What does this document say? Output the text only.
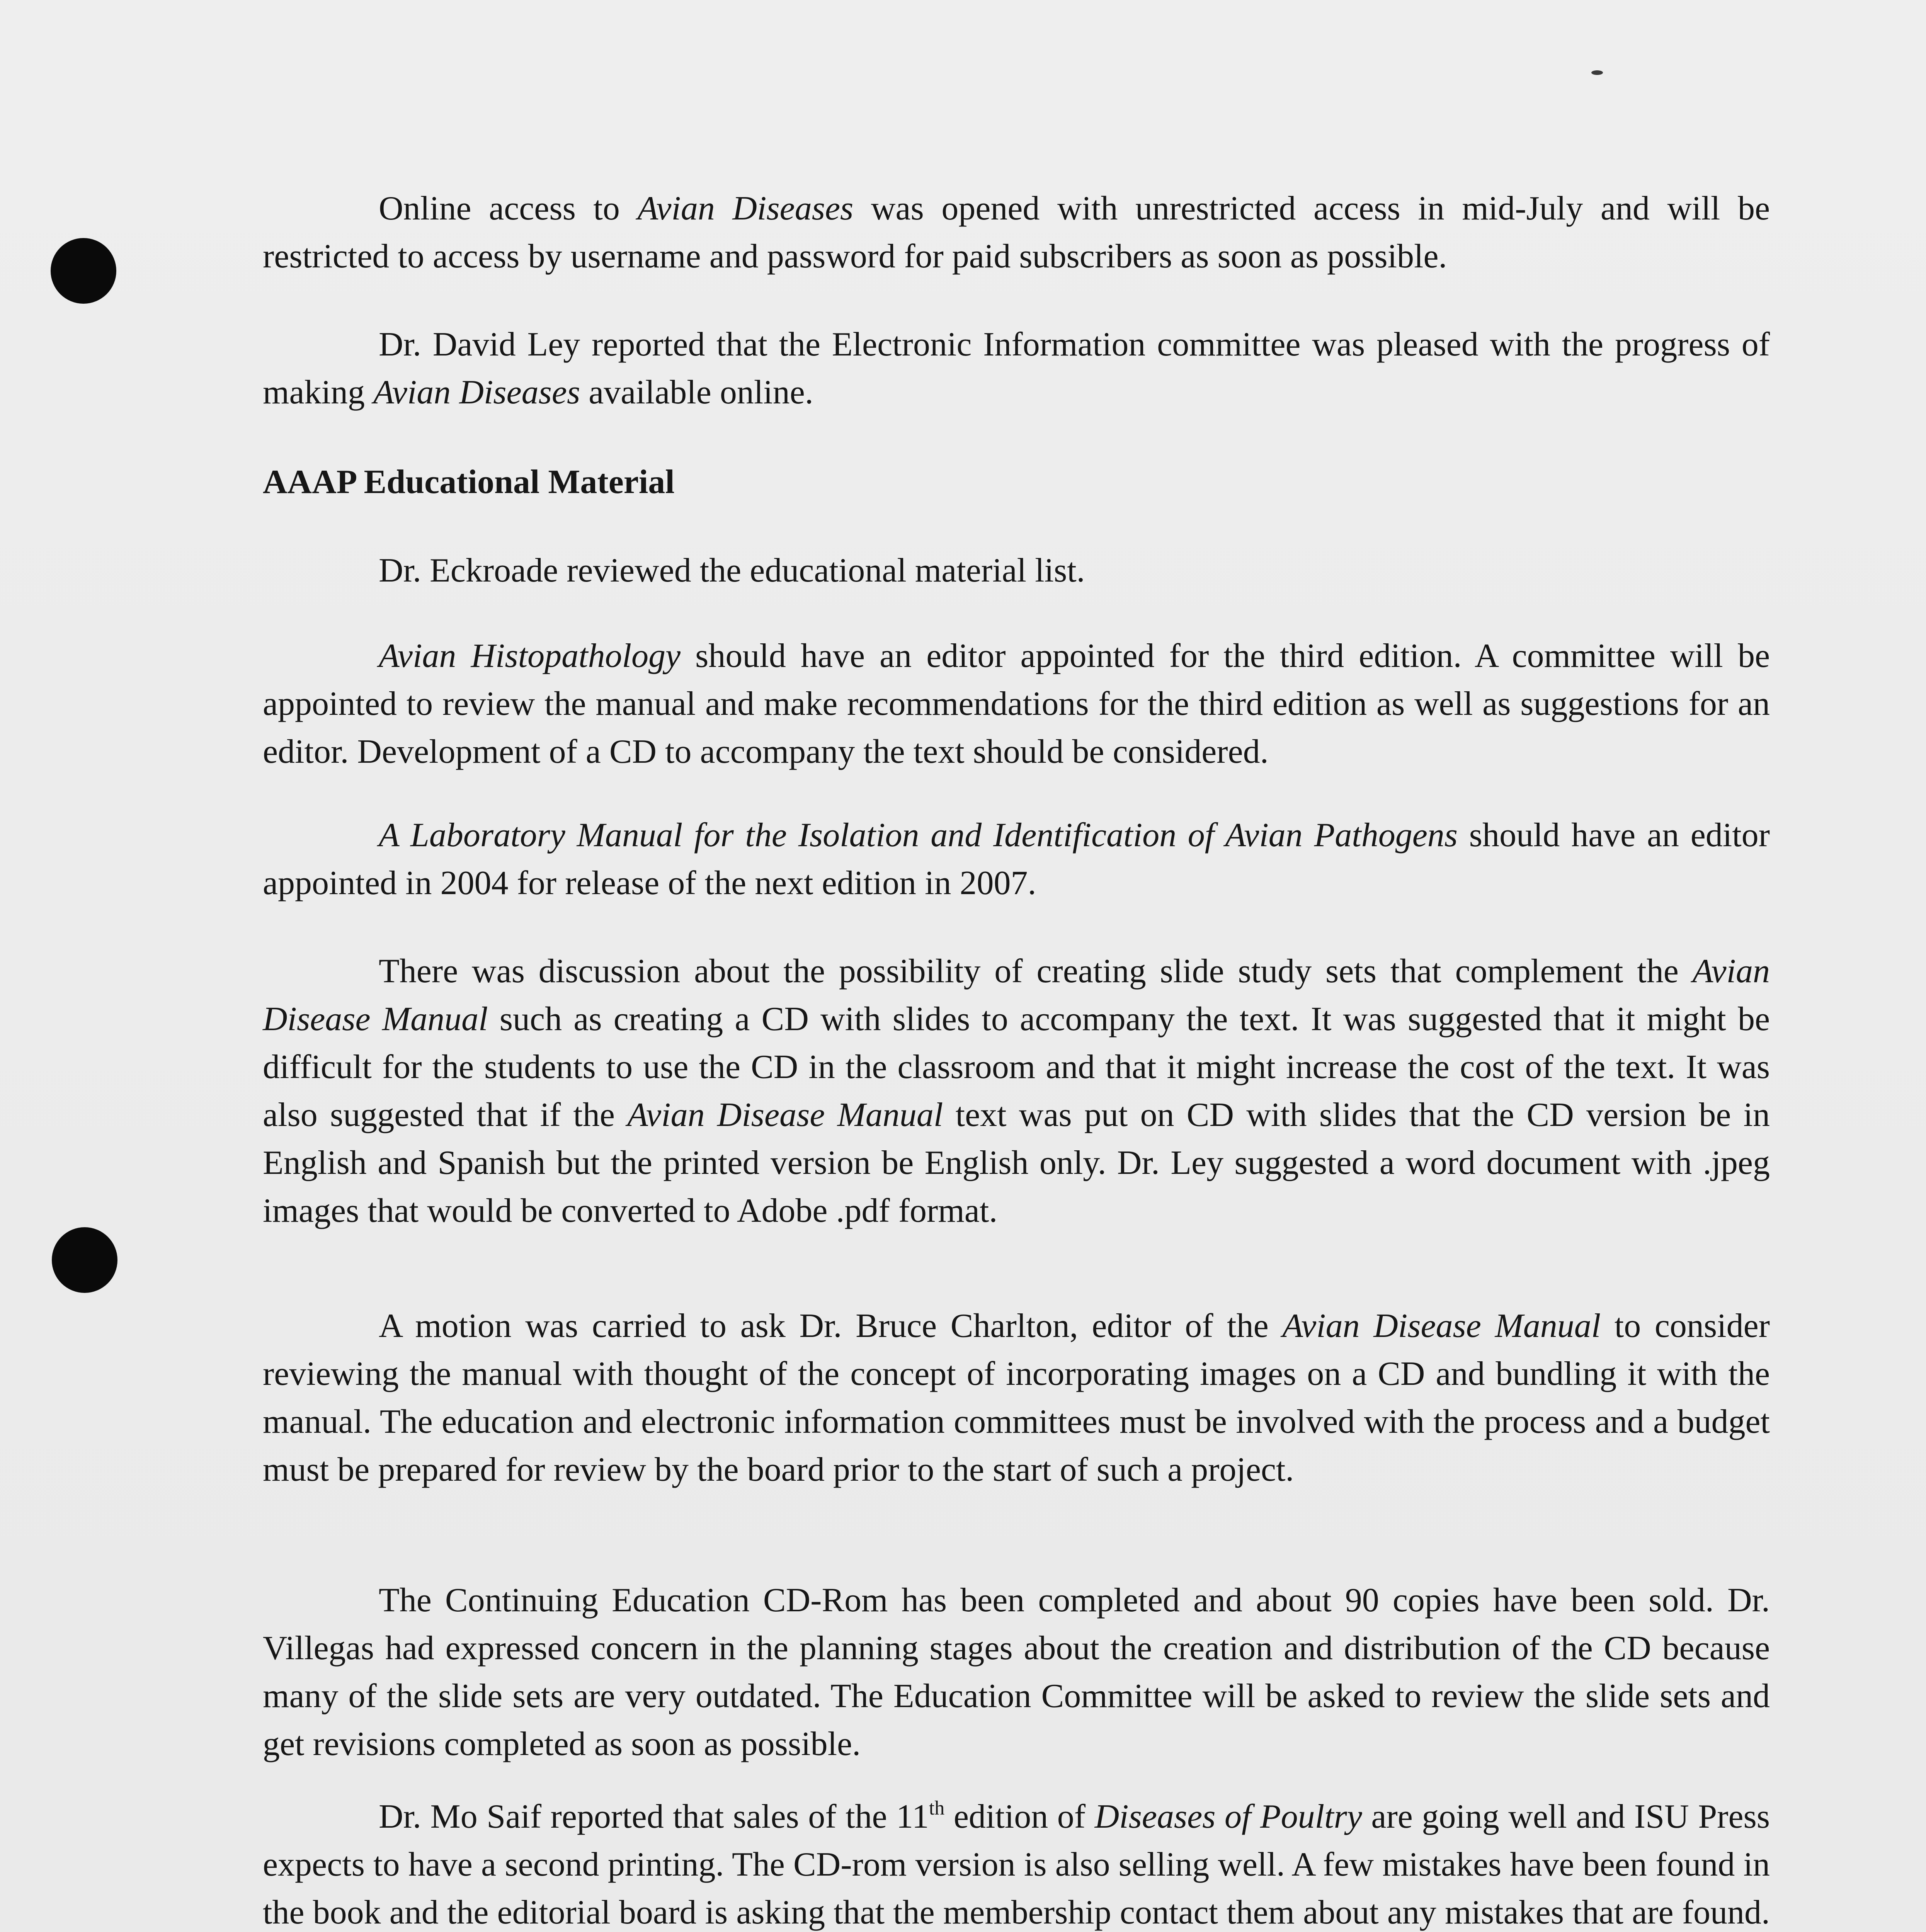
Online access to Avian Diseases was opened with unrestricted access in mid-July and will be restricted to access by username and password for paid subscribers as soon as possible.

Dr. David Ley reported that the Electronic Information committee was pleased with the progress of making Avian Diseases available online.

AAAP Educational Material

Dr. Eckroade reviewed the educational material list.

Avian Histopathology should have an editor appointed for the third edition. A committee will be appointed to review the manual and make recommendations for the third edition as well as suggestions for an editor. Development of a CD to accompany the text should be considered.

A Laboratory Manual for the Isolation and Identification of Avian Pathogens should have an editor appointed in 2004 for release of the next edition in 2007.

There was discussion about the possibility of creating slide study sets that complement the Avian Disease Manual such as creating a CD with slides to accompany the text. It was suggested that it might be difficult for the students to use the CD in the classroom and that it might increase the cost of the text. It was also suggested that if the Avian Disease Manual text was put on CD with slides that the CD version be in English and Spanish but the printed version be English only. Dr. Ley suggested a word document with .jpeg images that would be converted to Adobe .pdf format.

A motion was carried to ask Dr. Bruce Charlton, editor of the Avian Disease Manual to consider reviewing the manual with thought of the concept of incorporating images on a CD and bundling it with the manual. The education and electronic information committees must be involved with the process and a budget must be prepared for review by the board prior to the start of such a project.

The Continuing Education CD-Rom has been completed and about 90 copies have been sold. Dr. Villegas had expressed concern in the planning stages about the creation and distribution of the CD because many of the slide sets are very outdated. The Education Committee will be asked to review the slide sets and get revisions completed as soon as possible.

Dr. Mo Saif reported that sales of the 11th edition of Diseases of Poultry are going well and ISU Press expects to have a second printing. The CD-rom version is also selling well. A few mistakes have been found in the book and the editorial board is asking that the membership contact them about any mistakes that are found.
